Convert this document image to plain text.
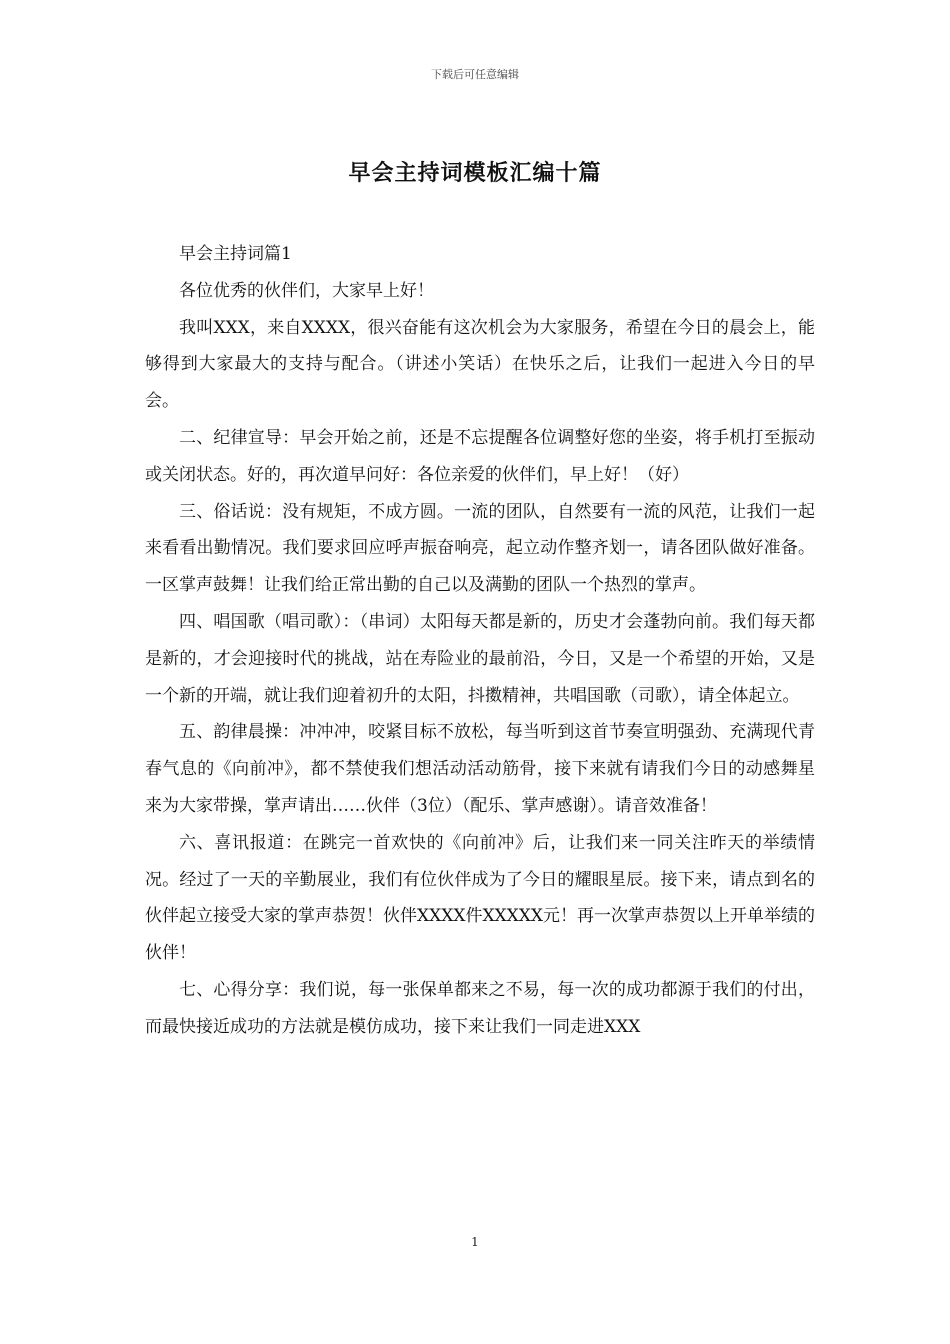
下载后可任意编辑
早会主持词模板汇编十篇

早会主持词篇1

各位优秀的伙伴们，大家早上好！

我叫XXX，来自XXXX，很兴奋能有这次机会为大家服务，希望在今日的晨会上，能够得到大家最大的支持与配合。（讲述小笑话）在快乐之后，让我们一起进入今日的早会。

二、纪律宣导：早会开始之前，还是不忘提醒各位调整好您的坐姿，将手机打至振动或关闭状态。好的，再次道早问好：各位亲爱的伙伴们，早上好！（好）

三、俗话说：没有规矩，不成方圆。一流的团队，自然要有一流的风范，让我们一起来看看出勤情况。我们要求回应呼声振奋响亮，起立动作整齐划一，请各团队做好准备。一区掌声鼓舞！让我们给正常出勤的自己以及满勤的团队一个热烈的掌声。

四、唱国歌（唱司歌）：（串词）太阳每天都是新的，历史才会蓬勃向前。我们每天都是新的，才会迎接时代的挑战，站在寿险业的最前沿，今日，又是一个希望的开始，又是一个新的开端，就让我们迎着初升的太阳，抖擞精神，共唱国歌（司歌），请全体起立。

五、韵律晨操：冲冲冲，咬紧目标不放松，每当听到这首节奏宣明强劲、充满现代青春气息的《向前冲》，都不禁使我们想活动活动筋骨，接下来就有请我们今日的动感舞星来为大家带操，掌声请出……伙伴（3位）（配乐、掌声感谢）。请音效准备！

六、喜讯报道：在跳完一首欢快的《向前冲》后，让我们来一同关注昨天的举绩情况。经过了一天的辛勤展业，我们有位伙伴成为了今日的耀眼星辰。接下来，请点到名的伙伴起立接受大家的掌声恭贺！伙伴XXXX件XXXXX元！再一次掌声恭贺以上开单举绩的伙伴！

七、心得分享：我们说，每一张保单都来之不易，每一次的成功都源于我们的付出，而最快接近成功的方法就是模仿成功，接下来让我们一同走进XXX

1
